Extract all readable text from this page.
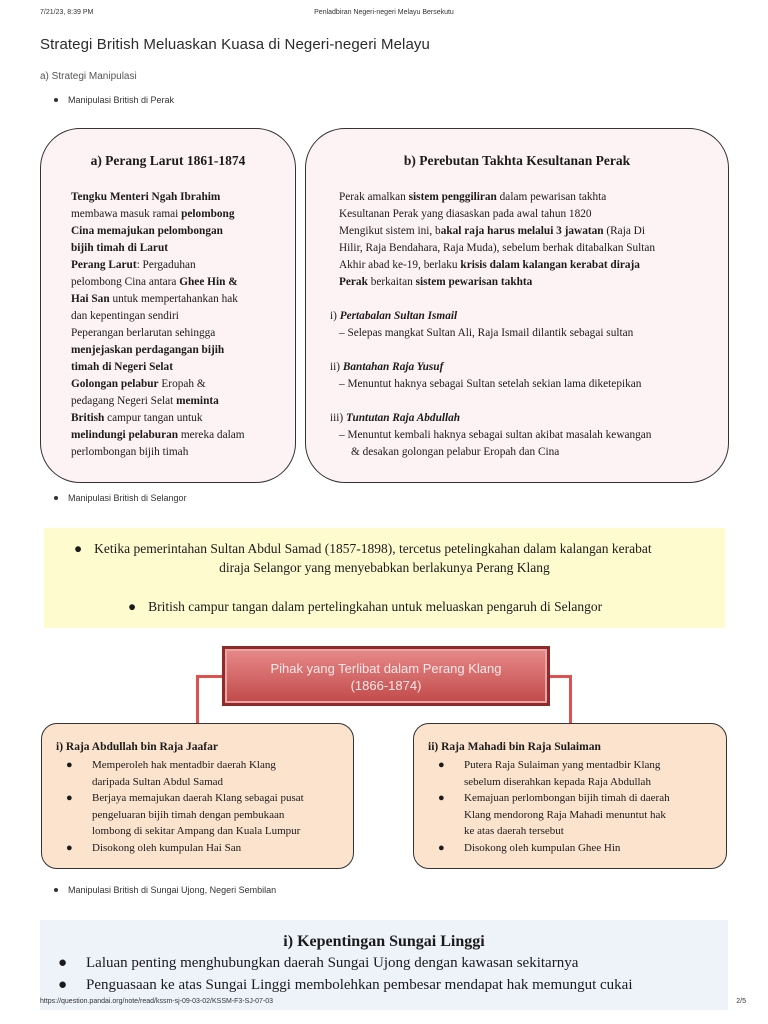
7/21/23, 8:39 PM	Penladbiran Negeri-negeri Melayu Bersekutu
Strategi British Meluaskan Kuasa di Negeri-negeri Melayu
a) Strategi Manipulasi
Manipulasi British di Perak
a) Perang Larut 1861-1874
Tengku Menteri Ngah Ibrahim
membawa masuk ramai pelombong
Cina memajukan pelombongan
bijih timah di Larut
Perang Larut: Pergaduhan
pelombong Cina antara Ghee Hin &
Hai San untuk mempertahankan hak
dan kepentingan sendiri
Peperangan berlarutan sehingga
menjejaskan perdagangan bijih
timah di Negeri Selat
Golongan pelabur Eropah &
pedagang Negeri Selat meminta
British campur tangan untuk
melindungi pelaburan mereka dalam
perlombongan bijih timah
b) Perebutan Takhta Kesultanan Perak
Perak amalkan sistem penggiliran dalam pewarisan takhta
Kesultanan Perak yang diasaskan pada awal tahun 1820
Mengikut sistem ini, bakal raja harus melalui 3 jawatan (Raja Di
Hilir, Raja Bendahara, Raja Muda), sebelum berhak ditabalkan Sultan
Akhir abad ke-19, berlaku krisis dalam kalangan kerabat diraja
Perak berkaitan sistem pewarisan takhta
i) Pertabalan Sultan Ismail
– Selepas mangkat Sultan Ali, Raja Ismail dilantik sebagai sultan
ii) Bantahan Raja Yusuf
– Menuntut haknya sebagai Sultan setelah sekian lama diketepikan
iii) Tuntutan Raja Abdullah
– Menuntut kembali haknya sebagai sultan akibat masalah kewangan
& desakan golongan pelabur Eropah dan Cina
Manipulasi British di Selangor
● Ketika pemerintahan Sultan Abdul Samad (1857-1898), tercetus petelingkahan dalam kalangan kerabat
diraja Selangor yang menyebabkan berlakunya Perang Klang
● British campur tangan dalam pertelingkahan untuk meluaskan pengaruh di Selangor
Pihak yang Terlibat dalam Perang Klang
(1866-1874)
i) Raja Abdullah bin Raja Jaafar
● Memperoleh hak mentadbir daerah Klang
daripada Sultan Abdul Samad
● Berjaya memajukan daerah Klang sebagai pusat
pengeluaran bijih timah dengan pembukaan
lombong di sekitar Ampang dan Kuala Lumpur
● Disokong oleh kumpulan Hai San
ii) Raja Mahadi bin Raja Sulaiman
● Putera Raja Sulaiman yang mentadbir Klang
sebelum diserahkan kepada Raja Abdullah
● Kemajuan perlombongan bijih timah di daerah
Klang mendorong Raja Mahadi menuntut hak
ke atas daerah tersebut
● Disokong oleh kumpulan Ghee Hin
Manipulasi British di Sungai Ujong, Negeri Sembilan
i) Kepentingan Sungai Linggi
● Laluan penting menghubungkan daerah Sungai Ujong dengan kawasan sekitarnya
● Penguasaan ke atas Sungai Linggi membolehkan pembesar mendapat hak memungut cukai
https://question.pandai.org/note/read/kssm-sj-09-03-02/KSSM-F3-SJ-07-03	2/5
